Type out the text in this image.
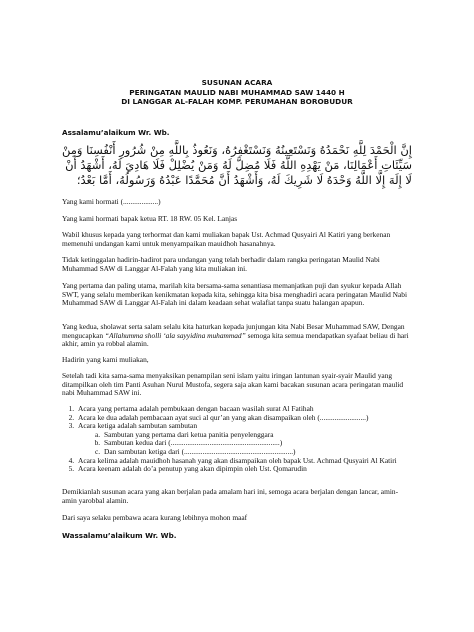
SUSUNAN ACARA
PERINGATAN MAULID NABI MUHAMMAD SAW 1440 H
DI LANGGAR AL-FALAH KOMP. PERUMAHAN BOROBUDUR
Assalamu’alaikum Wr. Wb.
إِنَّ الْحَمْدَ لِلَّهِ نَحْمَدُهُ وَنَسْتَعِينُهُ وَنَسْتَغْفِرُهُ، وَنَعُوذُ بِاللَّهِ مِنْ شُرُورِ أَنْفُسِنَا وَمِنْ
سَيِّئَاتِ أَعْمَالِنَا، مَنْ يَهْدِهِ اللَّهُ فَلَا مُضِلَّ لَهُ وَمَنْ يُضْلِلْ فَلَا هَادِيَ لَهُ، أَشْهَدُ أَنْ
لَا إِلَهَ إِلَّا اللَّهُ وَحْدَهُ لَا شَرِيكَ لَهُ، وَأَشْهَدُ أَنَّ مُحَمَّدًا عَبْدُهُ وَرَسُولُهُ، أَمَّا بَعْدُ؛
Yang kami hormati (...................)
Yang kami hormati bapak ketua RT. 18 RW. 05 Kel. Lanjas
Wabil khusus kepada yang terhormat dan kami muliakan bapak Ust. Achmad Qusyairi Al Katiri yang berkenan memenuhi undangan kami untuk menyampaikan mauidhoh hasanahnya.
Tidak ketinggalan hadirin-hadirot para undangan yang telah berhadir dalam rangka peringatan Maulid Nabi Muhammad SAW di Langgar Al-Falah yang kita muliakan ini.
Yang pertama dan paling utama, marilah kita bersama-sama senantiasa memanjatkan puji dan syukur kepada Allah SWT, yang selalu memberikan kenikmatan kepada kita, sehingga kita bisa menghadiri acara peringatan Maulid Nabi Muhammad SAW di Langgar Al-Falah ini dalam keadaan sehat walafiat tanpa suatu halangan apapun.
Yang kedua, sholawat serta salam selalu kita haturkan kepada junjungan kita Nabi Besar Muhammad SAW, Dengan mengucapkan “Allahumma sholli ‘ala sayyidina muhammad” semoga kita semua mendapatkan syafaat beliau di hari akhir, amin ya robbal alamin.
Hadirin yang kami muliakan,
Setelah tadi kita sama-sama menyaksikan penampilan seni islam yaitu iringan lantunan syair-syair Maulid yang ditampilkan oleh tim Panti Asuhan Nurul Mustofa, segera saja akan kami bacakan susunan acara peringatan maulid nabi Muhammad SAW ini.
1. Acara yang pertama adalah pembukaan dengan bacaan wasilah surat Al Fatihah
2. Acara ke dua adalah pembacaan ayat suci al qur’an yang akan disampaikan oleh (.........................)
3. Acara ketiga adalah sambutan sambutan
a. Sambutan yang pertama dari ketua panitia penyelenggara
b. Sambutan kedua dari (...........................................................)
c. Dan sambutan ketiga dari (...........................................................)
4. Acara kelima adalah mauidhoh hasanah yang akan disampaikan oleh bapak Ust. Achmad Qusyairi Al Katiri
5. Acara keenam adalah do’a penutup yang akan dipimpin oleh Ust. Qomarudin
Demikianlah susunan acara yang akan berjalan pada amalam hari ini, semoga acara berjalan dengan lancar, amin-amin yarobbal alamin.
Dari saya selaku pembawa acara kurang lebihnya mohon maaf
Wassalamu’alaikum Wr. Wb.
